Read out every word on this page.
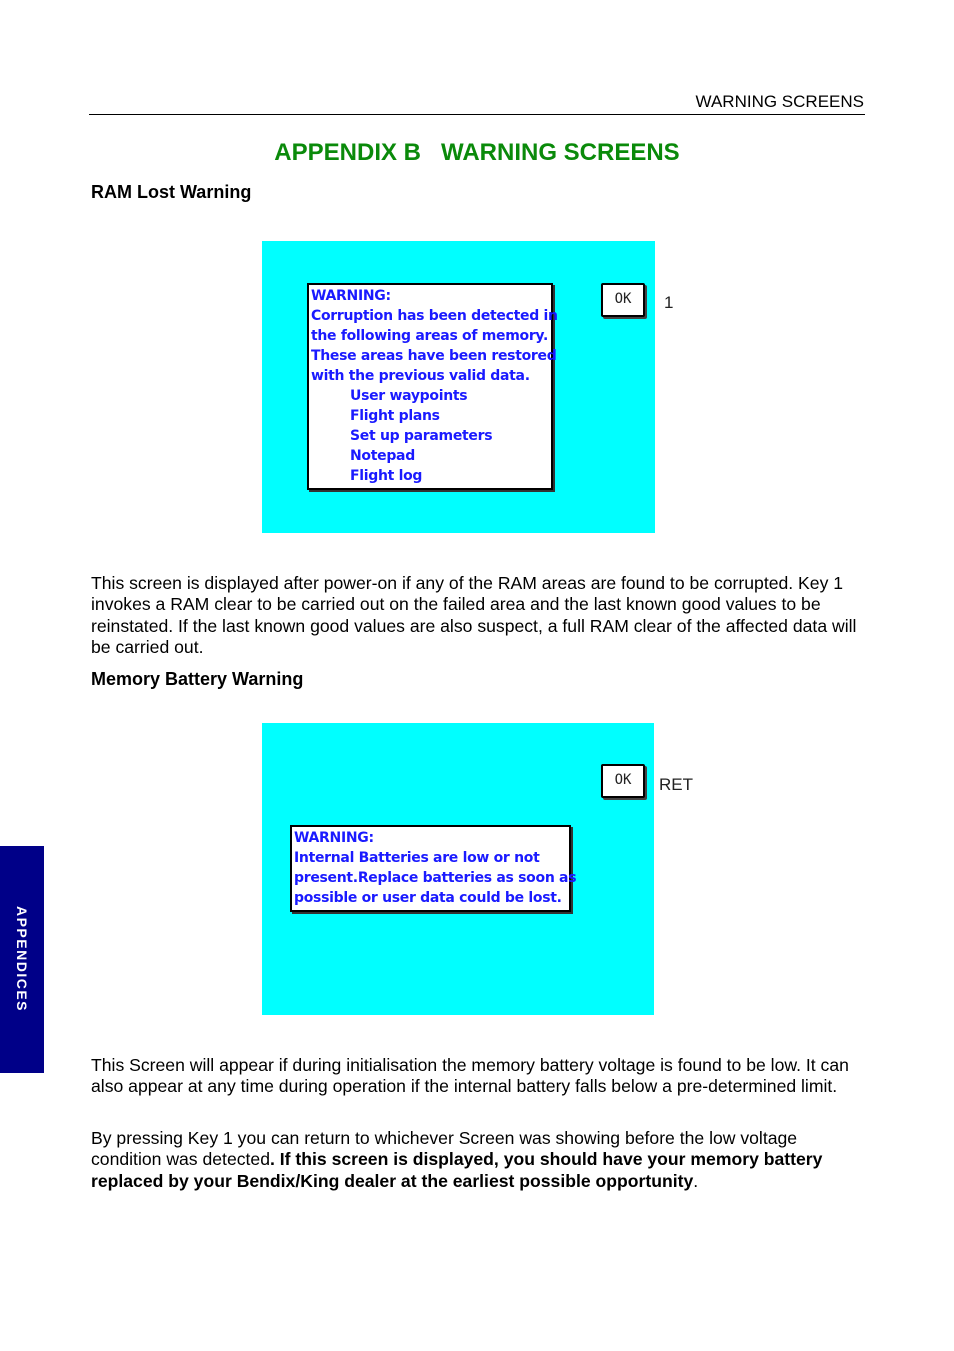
WARNING SCREENS
APPENDIX B   WARNING SCREENS
RAM Lost Warning
WARNING:
Corruption has been detected in
the following areas of memory.
These areas have been restored
with the previous valid data.
User waypoints
Flight plans
Set up parameters
Notepad
Flight log
OK	1

This screen is displayed after power-on if any of the RAM areas are found to be corrupted. Key 1 invokes a RAM clear to be carried out on the failed area and the last known good values to be reinstated. If the last known good values are also suspect, a full RAM clear of the affected data will be carried out.

Memory Battery Warning
WARNING:
Internal Batteries are low or not
present.Replace batteries as soon as
possible or user data could be lost.
OK	RET

This Screen will appear if during initialisation the memory battery voltage is found to be low. It can also appear at any time during operation if the internal battery falls below a pre-determined limit.

By pressing Key 1 you can return to whichever Screen was showing before the low voltage condition was detected. If this screen is displayed, you should have your memory battery replaced by your Bendix/King dealer at the earliest possible opportunity.

APPENDICES
